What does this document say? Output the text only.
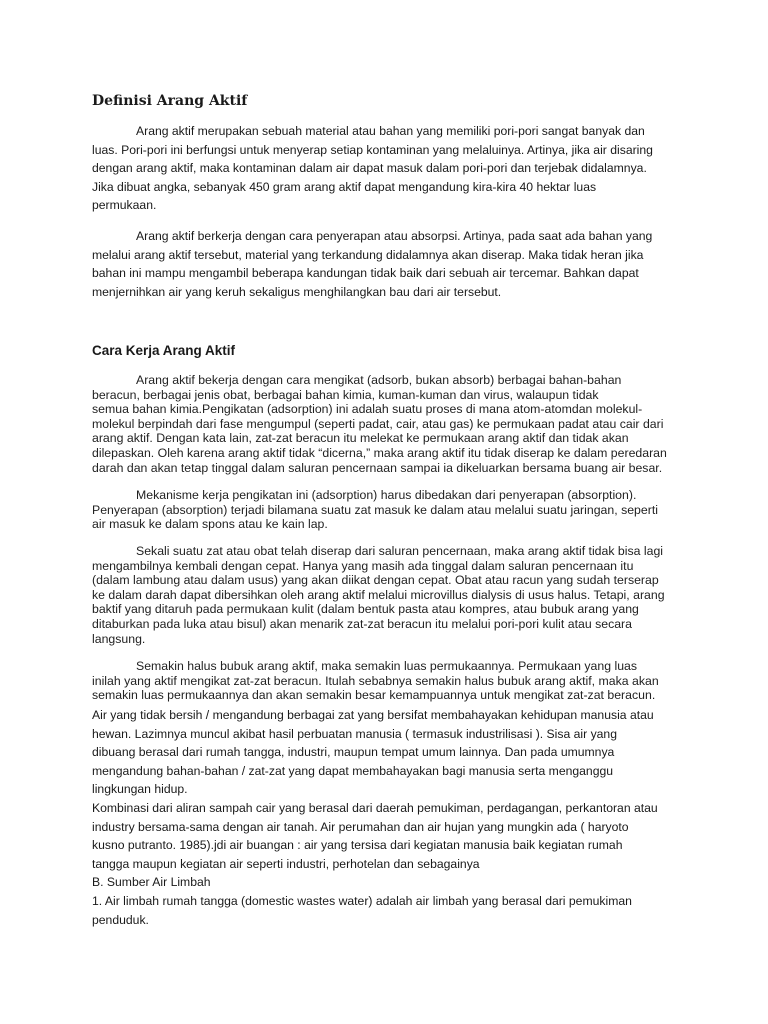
Definisi Arang Aktif

Arang aktif merupakan sebuah material atau bahan yang memiliki pori-pori sangat banyak dan
luas. Pori-pori ini berfungsi untuk menyerap setiap kontaminan yang melaluinya. Artinya, jika air disaring
dengan arang aktif, maka kontaminan dalam air dapat masuk dalam pori-pori dan terjebak didalamnya.
Jika dibuat angka, sebanyak 450 gram arang aktif dapat mengandung kira-kira 40 hektar luas
permukaan.

Arang aktif berkerja dengan cara penyerapan atau absorpsi. Artinya, pada saat ada bahan yang
melalui arang aktif tersebut, material yang terkandung didalamnya akan diserap. Maka tidak heran jika
bahan ini mampu mengambil beberapa kandungan tidak baik dari sebuah air tercemar. Bahkan dapat
menjernihkan air yang keruh sekaligus menghilangkan bau dari air tersebut.

Cara Kerja Arang Aktif

Arang aktif bekerja dengan cara mengikat (adsorb, bukan absorb) berbagai bahan-bahan
beracun, berbagai jenis obat, berbagai bahan kimia, kuman-kuman dan virus, walaupun tidak
semua bahan kimia.Pengikatan (adsorption) ini adalah suatu proses di mana atom-atomdan molekul-
molekul berpindah dari fase mengumpul (seperti padat, cair, atau gas) ke permukaan padat atau cair dari
arang aktif. Dengan kata lain, zat-zat beracun itu melekat ke permukaan arang aktif dan tidak akan
dilepaskan. Oleh karena arang aktif tidak “dicerna,” maka arang aktif itu tidak diserap ke dalam peredaran
darah dan akan tetap tinggal dalam saluran pencernaan sampai ia dikeluarkan bersama buang air besar.

Mekanisme kerja pengikatan ini (adsorption) harus dibedakan dari penyerapan (absorption).
Penyerapan (absorption) terjadi bilamana suatu zat masuk ke dalam atau melalui suatu jaringan, seperti
air masuk ke dalam spons atau ke kain lap.

Sekali suatu zat atau obat telah diserap dari saluran pencernaan, maka arang aktif tidak bisa lagi
mengambilnya kembali dengan cepat. Hanya yang masih ada tinggal dalam saluran pencernaan itu
(dalam lambung atau dalam usus) yang akan diikat dengan cepat. Obat atau racun yang sudah terserap
ke dalam darah dapat dibersihkan oleh arang aktif melalui microvillus dialysis di usus halus. Tetapi, arang
baktif yang ditaruh pada permukaan kulit (dalam bentuk pasta atau kompres, atau bubuk arang yang
ditaburkan pada luka atau bisul) akan menarik zat-zat beracun itu melalui pori-pori kulit atau secara
langsung.

Semakin halus bubuk arang aktif, maka semakin luas permukaannya. Permukaan yang luas
inilah yang aktif mengikat zat-zat beracun. Itulah sebabnya semakin halus bubuk arang aktif, maka akan
semakin luas permukaannya dan akan semakin besar kemampuannya untuk mengikat zat-zat beracun.

Air yang tidak bersih / mengandung berbagai zat yang bersifat membahayakan kehidupan manusia atau
hewan. Lazimnya muncul akibat hasil perbuatan manusia ( termasuk industrilisasi ). Sisa air yang
dibuang berasal dari rumah tangga, industri, maupun tempat umum lainnya. Dan pada umumnya
mengandung bahan-bahan / zat-zat yang dapat membahayakan bagi manusia serta menganggu
lingkungan hidup.
Kombinasi dari aliran sampah cair yang berasal dari daerah pemukiman, perdagangan, perkantoran atau
industry bersama-sama dengan air tanah. Air perumahan dan air hujan yang mungkin ada ( haryoto
kusno putranto. 1985).jdi air buangan : air yang tersisa dari kegiatan manusia baik kegiatan rumah
tangga maupun kegiatan air seperti industri, perhotelan dan sebagainya
B. Sumber Air Limbah
1. Air limbah rumah tangga (domestic wastes water) adalah air limbah yang berasal dari pemukiman
penduduk.
